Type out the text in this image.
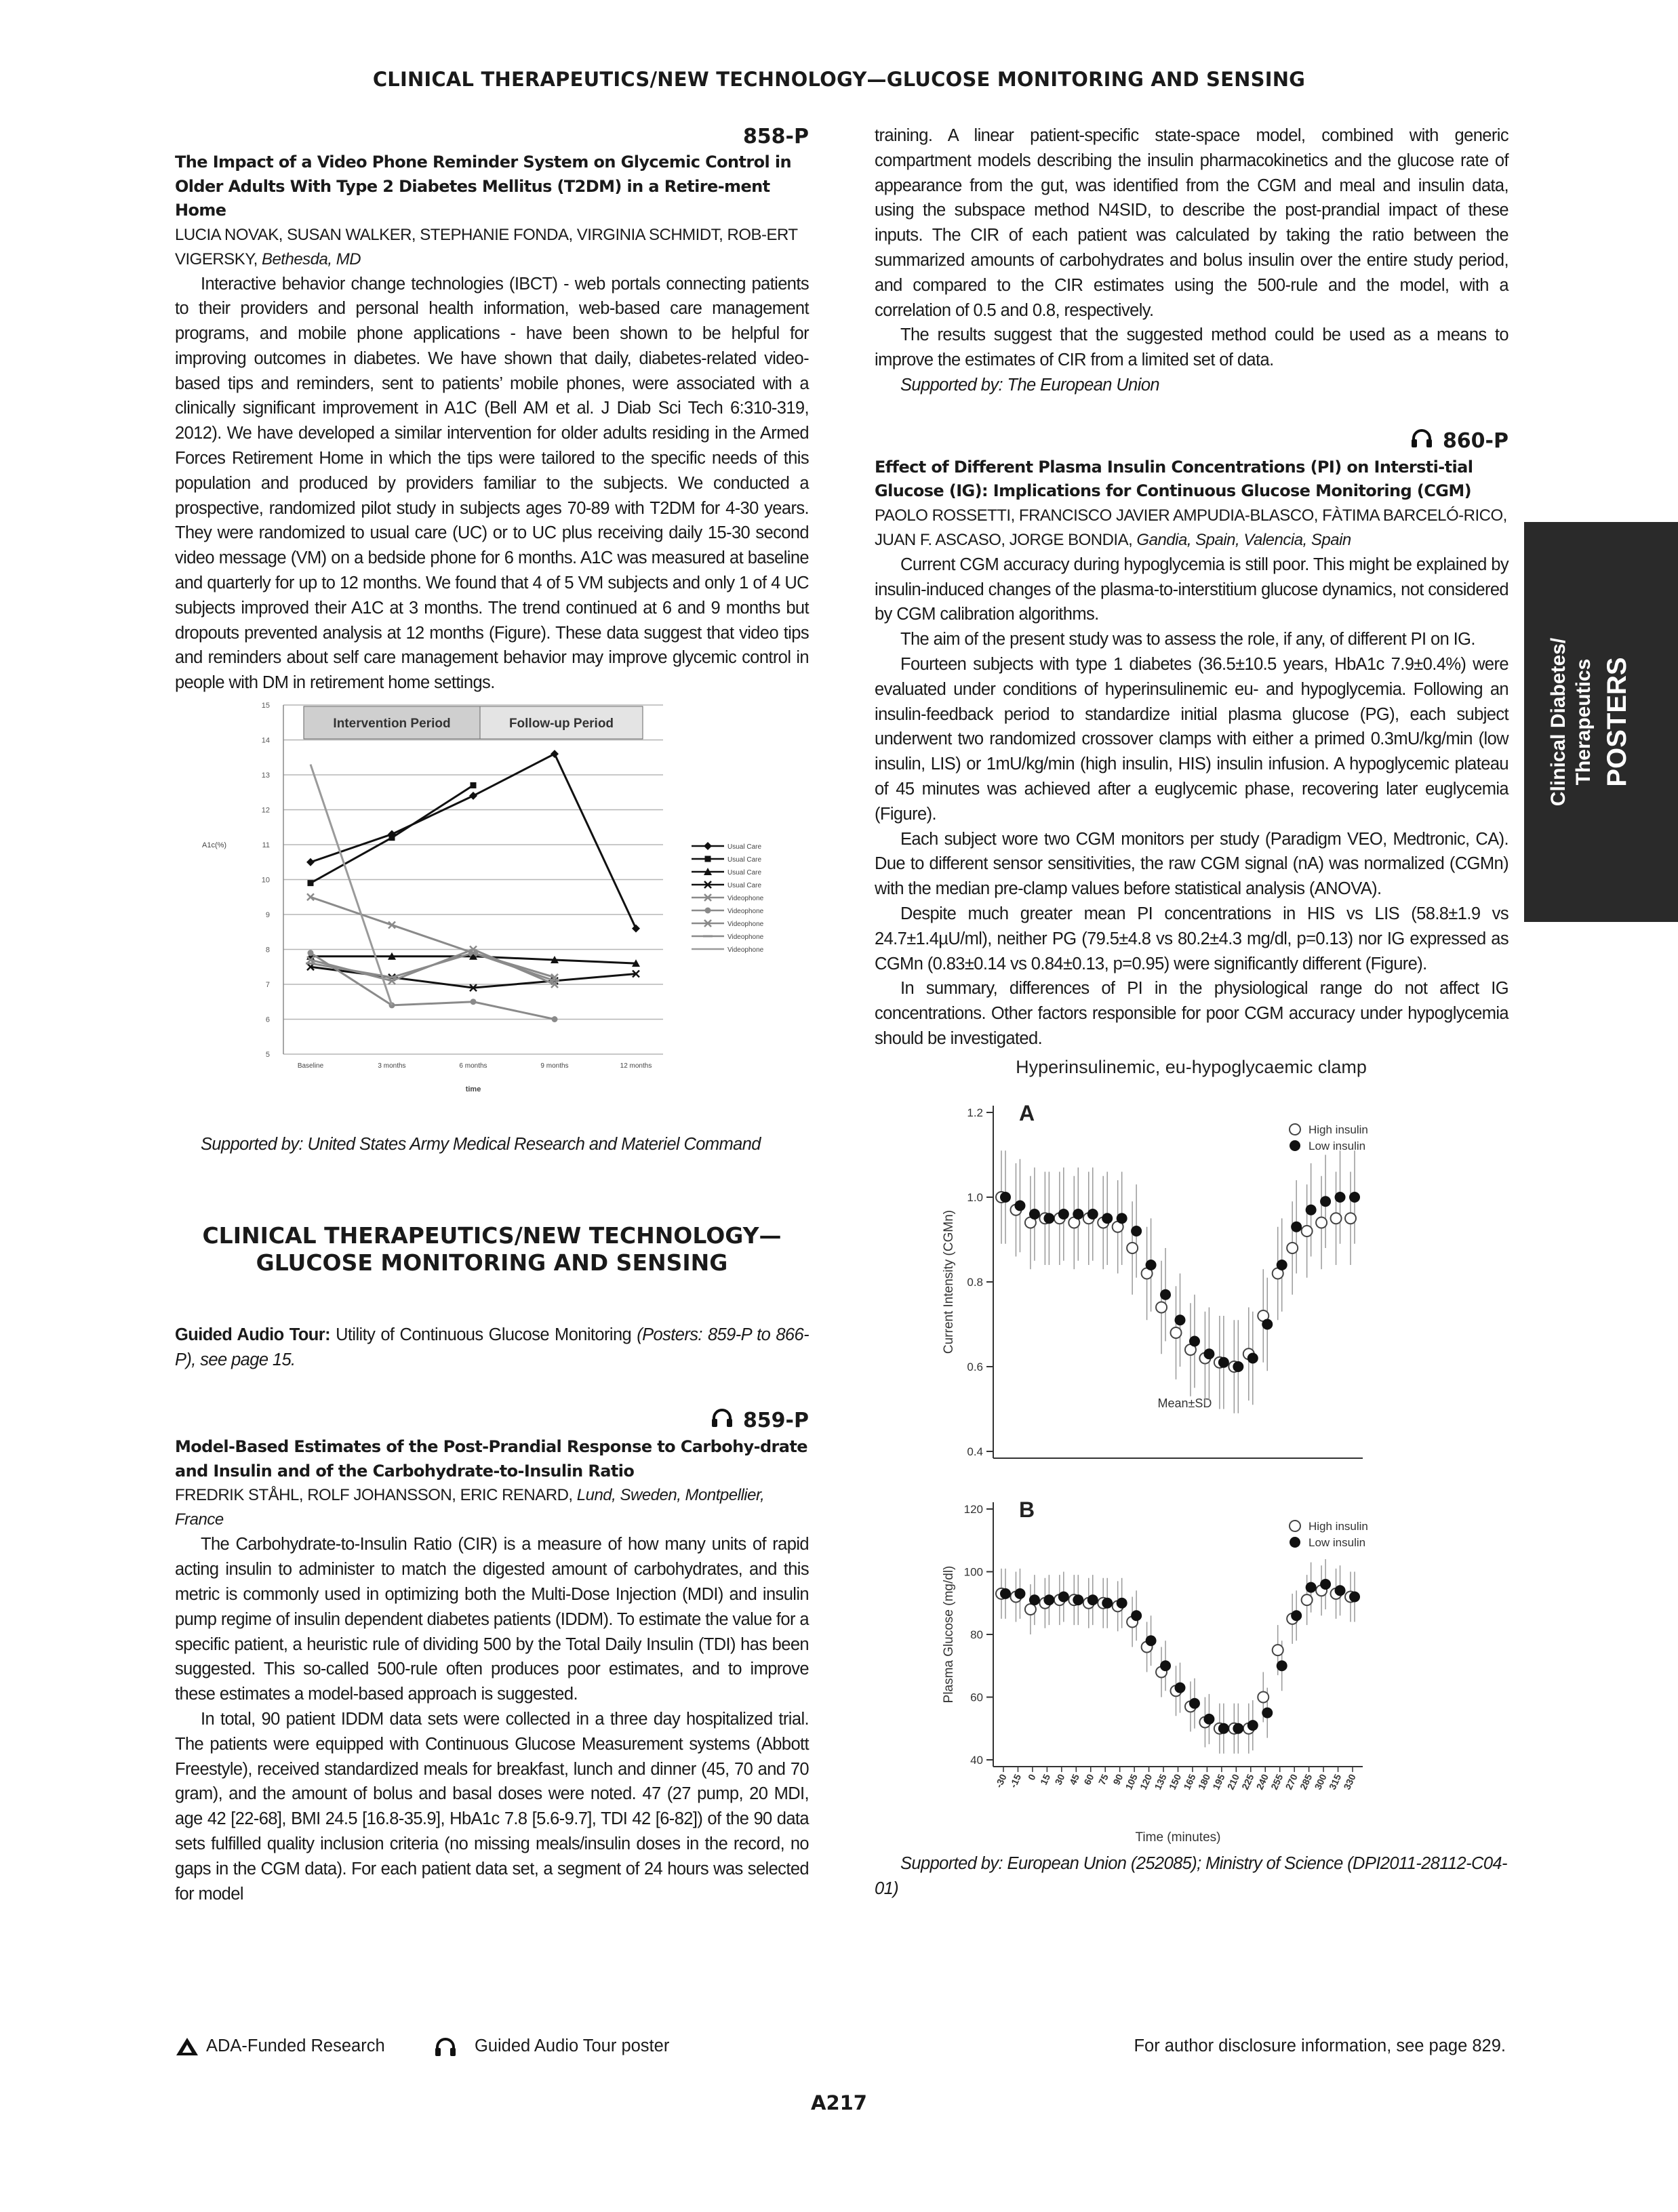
CLINICAL THERAPEUTICS/NEW TECHNOLOGY—GLUCOSE MONITORING AND SENSING

858-P

The Impact of a Video Phone Reminder System on Glycemic Control in Older Adults With Type 2 Diabetes Mellitus (T2DM) in a Retire-ment Home

LUCIA NOVAK, SUSAN WALKER, STEPHANIE FONDA, VIRGINIA SCHMIDT, ROB-ERT VIGERSKY, Bethesda, MD

Interactive behavior change technologies (IBCT) - web portals connecting patients to their providers and personal health information, web-based care management programs, and mobile phone applications - have been shown to be helpful for improving outcomes in diabetes. We have shown that daily, diabetes-related video-based tips and reminders, sent to patients’ mobile phones, were associated with a clinically significant improvement in A1C (Bell AM et al. J Diab Sci Tech 6:310-319, 2012). We have developed a similar intervention for older adults residing in the Armed Forces Retirement Home in which the tips were tailored to the specific needs of this population and produced by providers familiar to the subjects. We conducted a prospective, randomized pilot study in subjects ages 70-89 with T2DM for 4-30 years. They were randomized to usual care (UC) or to UC plus receiving daily 15-30 second video message (VM) on a bedside phone for 6 months. A1C was measured at baseline and quarterly for up to 12 months. We found that 4 of 5 VM subjects and only 1 of 4 UC subjects improved their A1C at 3 months. The trend continued at 6 and 9 months but dropouts prevented analysis at 12 months (Figure). These data suggest that video tips and reminders about self care management behavior may improve glycemic control in people with DM in retirement home settings.

5
6
7
8
9
10
11
12
13
14
15
Intervention Period	Follow-up Period
A1c(%)
Baseline	3 months	6 months	9 months	12 months
time
Usual Care
Usual Care
Usual Care
Usual Care
Videophone
Videophone
Videophone
Videophone
Videophone

Supported by: United States Army Medical Research and Materiel Command

CLINICAL THERAPEUTICS/NEW TECHNOLOGY—

GLUCOSE MONITORING AND SENSING

Guided Audio Tour: Utility of Continuous Glucose Monitoring (Posters: 859-P to 866-P), see page 15.

859-P

Model-Based Estimates of the Post-Prandial Response to Carbohy-drate and Insulin and of the Carbohydrate-to-Insulin Ratio

FREDRIK STÅHL, ROLF JOHANSSON, ERIC RENARD, Lund, Sweden, Montpellier, France

The Carbohydrate-to-Insulin Ratio (CIR) is a measure of how many units of rapid acting insulin to administer to match the digested amount of carbohydrates, and this metric is commonly used in optimizing both the Multi-Dose Injection (MDI) and insulin pump regime of insulin dependent diabetes patients (IDDM). To estimate the value for a specific patient, a heuristic rule of dividing 500 by the Total Daily Insulin (TDI) has been suggested. This so-called 500-rule often produces poor estimates, and to improve these estimates a model-based approach is suggested.

In total, 90 patient IDDM data sets were collected in a three day hospitalized trial. The patients were equipped with Continuous Glucose Measurement systems (Abbott Freestyle), received standardized meals for breakfast, lunch and dinner (45, 70 and 70 gram), and the amount of bolus and basal doses were noted. 47 (27 pump, 20 MDI, age 42 [22-68], BMI 24.5 [16.8-35.9], HbA1c 7.8 [5.6-9.7], TDI 42 [6-82]) of the 90 data sets fulfilled quality inclusion criteria (no missing meals/insulin doses in the record, no gaps in the CGM data). For each patient data set, a segment of 24 hours was selected for model

training. A linear patient-specific state-space model, combined with generic compartment models describing the insulin pharmacokinetics and the glucose rate of appearance from the gut, was identified from the CGM and meal and insulin data, using the subspace method N4SID, to describe the post-prandial impact of these inputs. The CIR of each patient was calculated by taking the ratio between the summarized amounts of carbohydrates and bolus insulin over the entire study period, and compared to the CIR estimates using the 500-rule and the model, with a correlation of 0.5 and 0.8, respectively.

The results suggest that the suggested method could be used as a means to improve the estimates of CIR from a limited set of data.

Supported by: The European Union

860-P

Effect of Different Plasma Insulin Concentrations (PI) on Intersti-tial Glucose (IG): Implications for Continuous Glucose Monitoring (CGM)

PAOLO ROSSETTI, FRANCISCO JAVIER AMPUDIA-BLASCO, FÀTIMA BARCELÓ-RICO, JUAN F. ASCASO, JORGE BONDIA, Gandia, Spain, Valencia, Spain

Current CGM accuracy during hypoglycemia is still poor. This might be explained by insulin-induced changes of the plasma-to-interstitium glucose dynamics, not considered by CGM calibration algorithms.

The aim of the present study was to assess the role, if any, of different PI on IG.

Fourteen subjects with type 1 diabetes (36.5±10.5 years, HbA1c 7.9±0.4%) were evaluated under conditions of hyperinsulinemic eu- and hypoglycemia. Following an insulin-feedback period to standardize initial plasma glucose (PG), each subject underwent two randomized crossover clamps with either a primed 0.3mU/kg/min (low insulin, LIS) or 1mU/kg/min (high insulin, HIS) insulin infusion. A hypoglycemic plateau of 45 minutes was achieved after a euglycemic phase, recovering later euglycemia (Figure).

Each subject wore two CGM monitors per study (Paradigm VEO, Medtronic, CA). Due to different sensor sensitivities, the raw CGM signal (nA) was normalized (CGMn) with the median pre-clamp values before statistical analysis (ANOVA).

Despite much greater mean PI concentrations in HIS vs LIS (58.8±1.9 vs 24.7±1.4µU/ml), neither PG (79.5±4.8 vs 80.2±4.3 mg/dl, p=0.13) nor IG expressed as CGMn (0.83±0.14 vs 0.84±0.13, p=0.95) were significantly different (Figure).

In summary, differences of PI in the physiological range do not affect IG concentrations. Other factors responsible for poor CGM accuracy under hypoglycemia should be investigated.

Hyperinsulinemic, eu-hypoglycaemic clamp
0.4
0.6
0.8
1.0
1.2 A
Current Intensity (CGMn)
High insulin
Low insulin
Mean±SD
40
60
80
100
120 B
Plasma Glucose (mg/dl)
High insulin
Low insulin
-30
-15 0 15 30 45 60 75 90
105
120
135
150
165
180
195
210
225
240
255
270
285
300
315
330
Time (minutes)

Supported by: European Union (252085); Ministry of Science (DPI2011-28112-C04-01)

Clinical Diabetes/ Therapeutics POSTERS
ADA-Funded Research	Guided Audio Tour poster	For author disclosure information, see page 829.
A217
